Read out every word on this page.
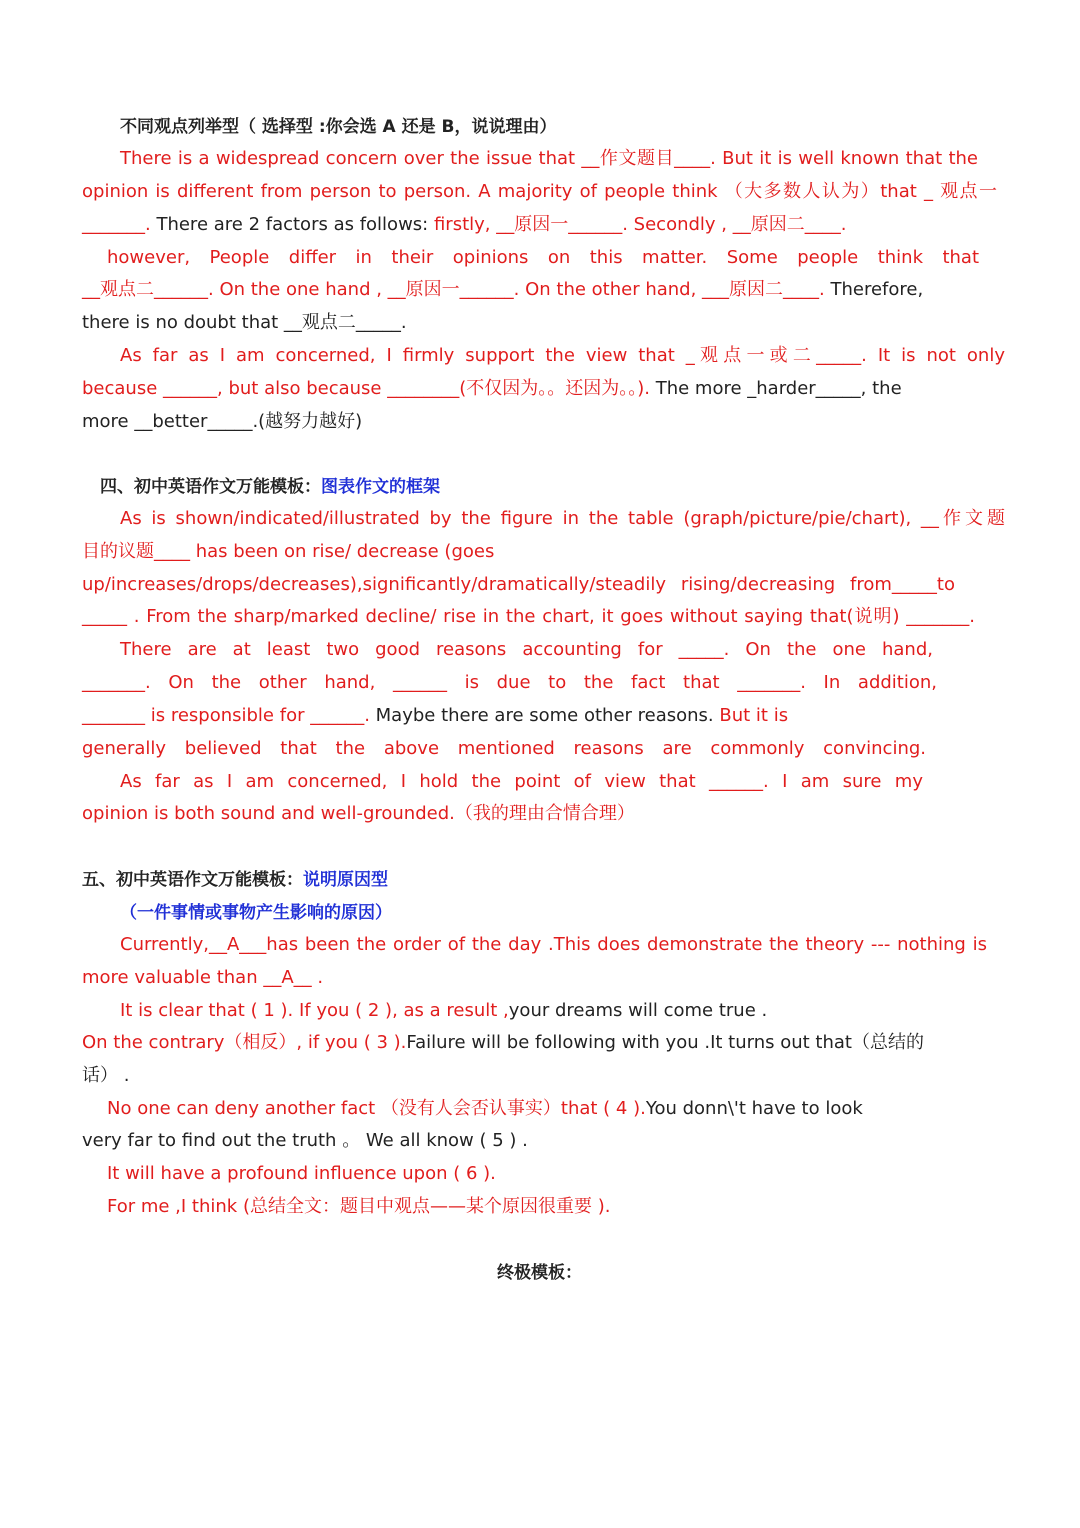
不同观点列举型（ 选择型 :你会选 A 还是 B，说说理由）
There is a widespread concern over the issue that __作文题目____. But it is well known that the
opinion is different from person to person. A majority of people think （大多数人认为）that _ 观点一
_______. There are 2 factors as follows: firstly, __原因一______. Secondly , __原因二____.
however, People differ in their opinions on this matter. Some people think that
__观点二______. On the one hand , __原因一______. On the other hand, ___原因二____. Therefore,
there is no doubt that __观点二_____.
As far as I am concerned, I firmly support the view that _观点一或二_____. It is not only
because ______, but also because ________(不仅因为。。还因为。。). The more _harder_____, the
more __better_____.(越努力越好)
四、初中英语作文万能模板：图表作文的框架
As is shown/indicated/illustrated by the figure in the table (graph/picture/pie/chart), __作文题
目的议题____ has been on rise/ decrease (goes
up/increases/drops/decreases),significantly/dramatically/steadily rising/decreasing from_____to
_____ . From the sharp/marked decline/ rise in the chart, it goes without saying that(说明) _______.
There are at least two good reasons accounting for _____. On the one hand,
_______. On the other hand, ______ is due to the fact that _______. In addition,
_______ is responsible for ______. Maybe there are some other reasons. But it is
generally believed that the above mentioned reasons are commonly convincing.
As far as I am concerned, I hold the point of view that ______. I am sure my
opinion is both sound and well-grounded.（我的理由合情合理）
五、初中英语作文万能模板：说明原因型
（一件事情或事物产生影响的原因）
Currently,__A___has been the order of the day .This does demonstrate the theory --- nothing is
more valuable than __A__ .
It is clear that ( 1 ). If you ( 2 ), as a result ,your dreams will come true .
On the contrary（相反）, if you ( 3 ).Failure will be following with you .It turns out that（总结的
话） .
No one can deny another fact （没有人会否认事实）that ( 4 ).You donn\'t have to look
very far to find out the truth 。 We all know ( 5 ) .
It will have a profound influence upon ( 6 ).
For me ,I think (总结全文：题目中观点——某个原因很重要 ).
终极模板：
